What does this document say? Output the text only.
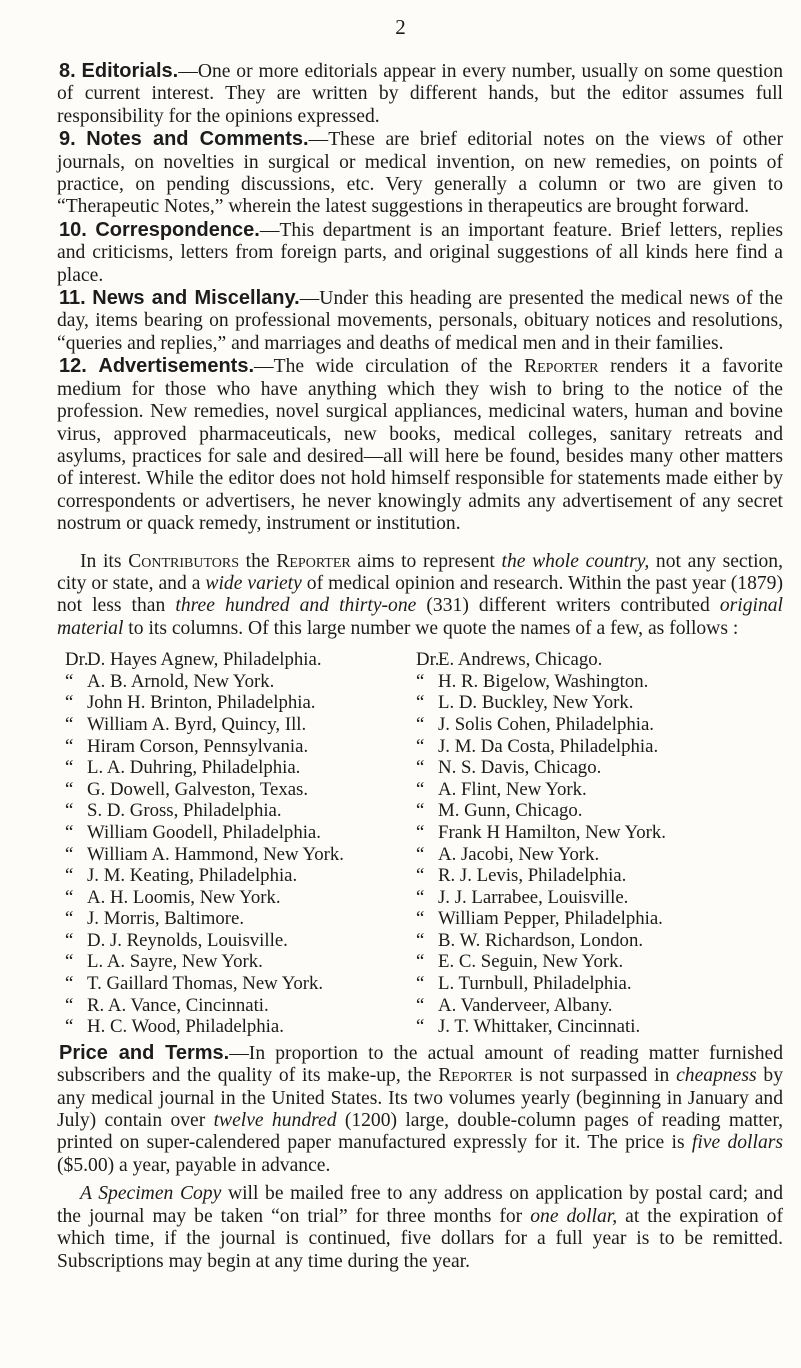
2

8. Editorials.—One or more editorials appear in every number, usually on some question of current interest. They are written by different hands, but the editor assumes full responsibility for the opinions expressed.

9. Notes and Comments.—These are brief editorial notes on the views of other journals, on novelties in surgical or medical invention, on new remedies, on points of practice, on pending discussions, etc. Very generally a column or two are given to “Therapeutic Notes,” wherein the latest suggestions in therapeutics are brought forward.

10. Correspondence.—This department is an important feature. Brief letters, replies and criticisms, letters from foreign parts, and original suggestions of all kinds here find a place.

11. News and Miscellany.—Under this heading are presented the medical news of the day, items bearing on professional movements, personals, obituary notices and resolutions, “queries and replies,” and marriages and deaths of medical men and in their families.

12. Advertisements.—The wide circulation of the Reporter renders it a favorite medium for those who have anything which they wish to bring to the notice of the profession. New remedies, novel surgical appliances, medicinal waters, human and bovine virus, approved pharmaceuticals, new books, medical colleges, sanitary retreats and asylums, practices for sale and desired—all will here be found, besides many other matters of interest. While the editor does not hold himself responsible for statements made either by correspondents or advertisers, he never knowingly admits any advertisement of any secret nostrum or quack remedy, instrument or institution.

In its Contributors the Reporter aims to represent the whole country, not any section, city or state, and a wide variety of medical opinion and research. Within the past year (1879) not less than three hundred and thirty-one (331) different writers contributed original material to its columns. Of this large number we quote the names of a few, as follows :

Dr.
D. Hayes Agnew, Philadelphia.
“ A. B. Arnold, New York.
“ John H. Brinton, Philadelphia.
“ William A. Byrd, Quincy, Ill.
“ Hiram Corson, Pennsylvania.
“ L. A. Duhring, Philadelphia.
“ G. Dowell, Galveston, Texas.
“ S. D. Gross, Philadelphia.
“ William Goodell, Philadelphia.
“ William A. Hammond, New York.
“ J. M. Keating, Philadelphia.
“ A. H. Loomis, New York.
“ J. Morris, Baltimore.
“ D. J. Reynolds, Louisville.
“ L. A. Sayre, New York.
“ T. Gaillard Thomas, New York.
“ R. A. Vance, Cincinnati.
“ H. C. Wood, Philadelphia.
Dr.
E. Andrews, Chicago.
“ H. R. Bigelow, Washington.
“ L. D. Buckley, New York.
“ J. Solis Cohen, Philadelphia.
“ J. M. Da Costa, Philadelphia.
“ N. S. Davis, Chicago.
“ A. Flint, New York.
“ M. Gunn, Chicago.
“ Frank H Hamilton, New York.
“ A. Jacobi, New York.
“ R. J. Levis, Philadelphia.
“ J. J. Larrabee, Louisville.
“ William Pepper, Philadelphia.
“ B. W. Richardson, London.
“ E. C. Seguin, New York.
“ L. Turnbull, Philadelphia.
“ A. Vanderveer, Albany.
“ J. T. Whittaker, Cincinnati.

Price and Terms.—In proportion to the actual amount of reading matter furnished subscribers and the quality of its make-up, the Reporter is not surpassed in cheapness by any medical journal in the United States. Its two volumes yearly (beginning in January and July) contain over twelve hundred (1200) large, double-column pages of reading matter, printed on super-calendered paper manufactured expressly for it. The price is five dollars ($5.00) a year, payable in advance.

A Specimen Copy will be mailed free to any address on application by postal card; and the journal may be taken “on trial” for three months for one dollar, at the expiration of which time, if the journal is continued, five dollars for a full year is to be remitted. Subscriptions may begin at any time during the year.
